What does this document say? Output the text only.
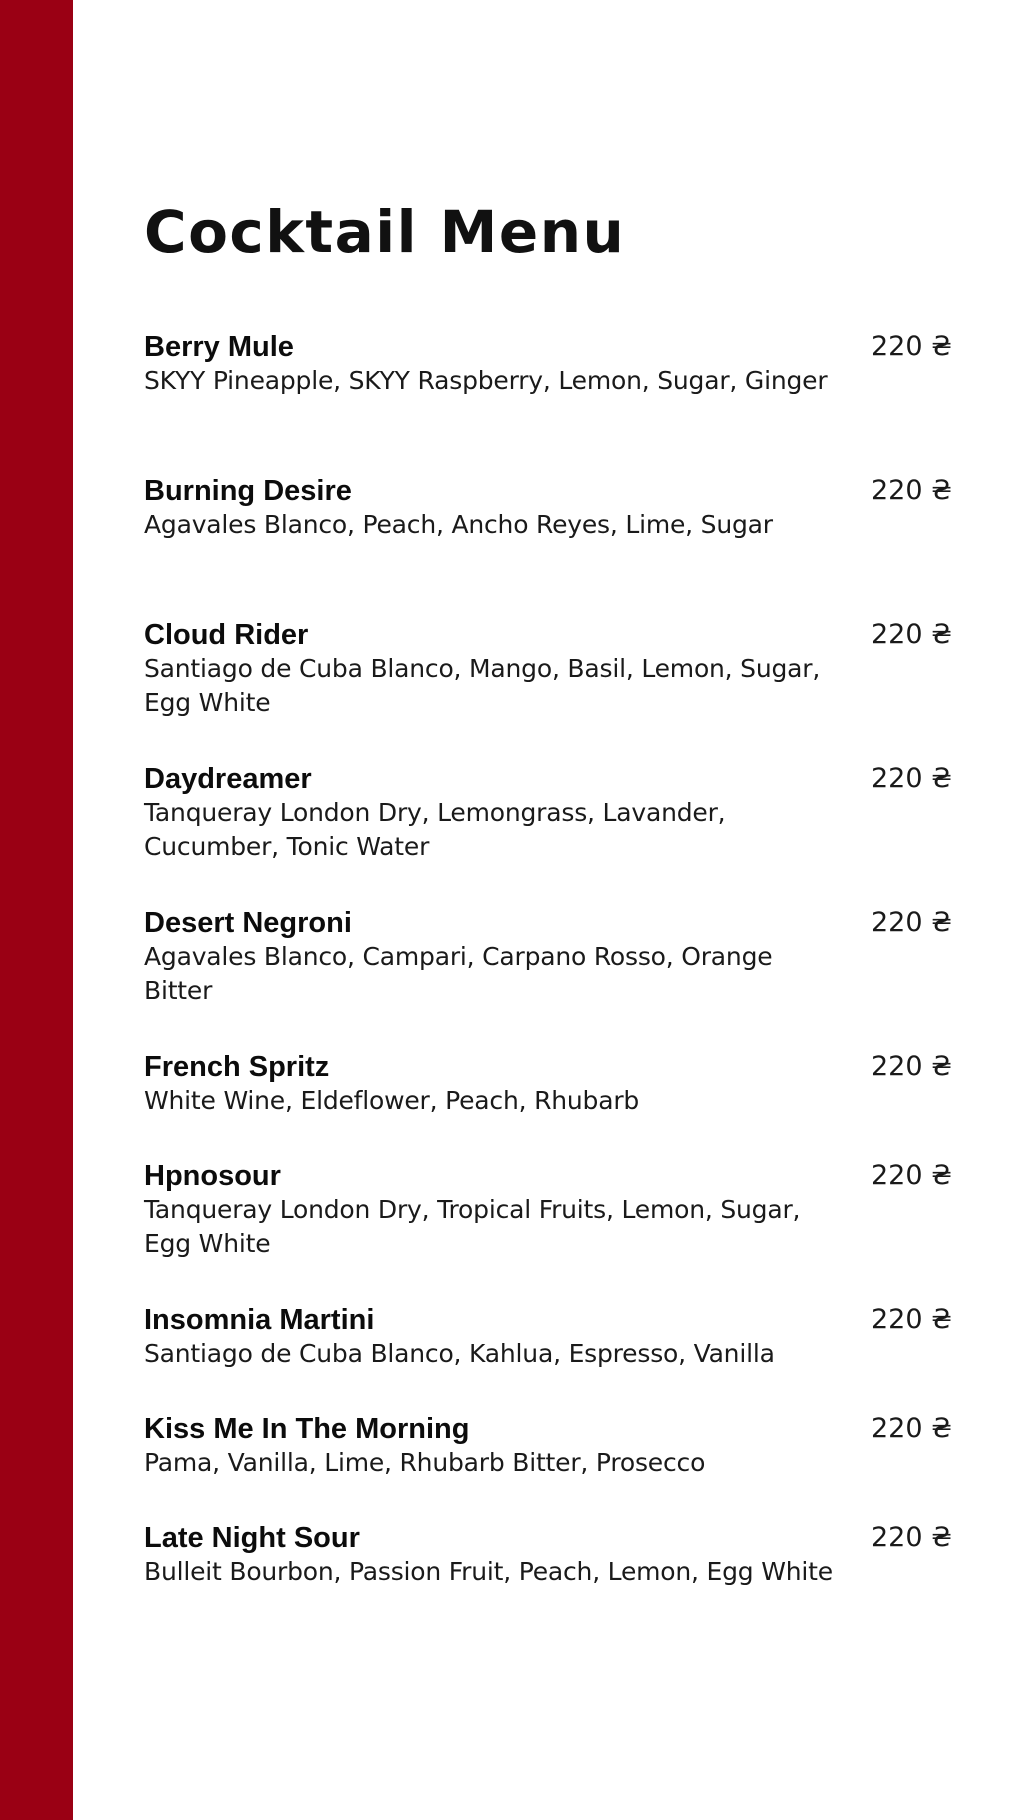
Cocktail Menu
Berry Mule
SKYY Pineapple, SKYY Raspberry, Lemon, Sugar, Ginger
220 ₴
Burning Desire
Agavales Blanco, Peach, Ancho Reyes, Lime, Sugar
220 ₴
Cloud Rider
Santiago de Cuba Blanco, Mango, Basil, Lemon, Sugar, Egg White
220 ₴
Daydreamer
Tanqueray London Dry, Lemongrass, Lavander, Cucumber, Tonic Water
220 ₴
Desert Negroni
Agavales Blanco, Campari, Carpano Rosso, Orange Bitter
220 ₴
French Spritz
White Wine, Eldeflower, Peach, Rhubarb
220 ₴
Hpnosour
Tanqueray London Dry, Tropical Fruits, Lemon, Sugar, Egg White
220 ₴
Insomnia Martini
Santiago de Cuba Blanco, Kahlua, Espresso, Vanilla
220 ₴
Kiss Me In The Morning
Pama, Vanilla, Lime, Rhubarb Bitter, Prosecco
220 ₴
Late Night Sour
Bulleit Bourbon, Passion Fruit, Peach, Lemon, Egg White
220 ₴
